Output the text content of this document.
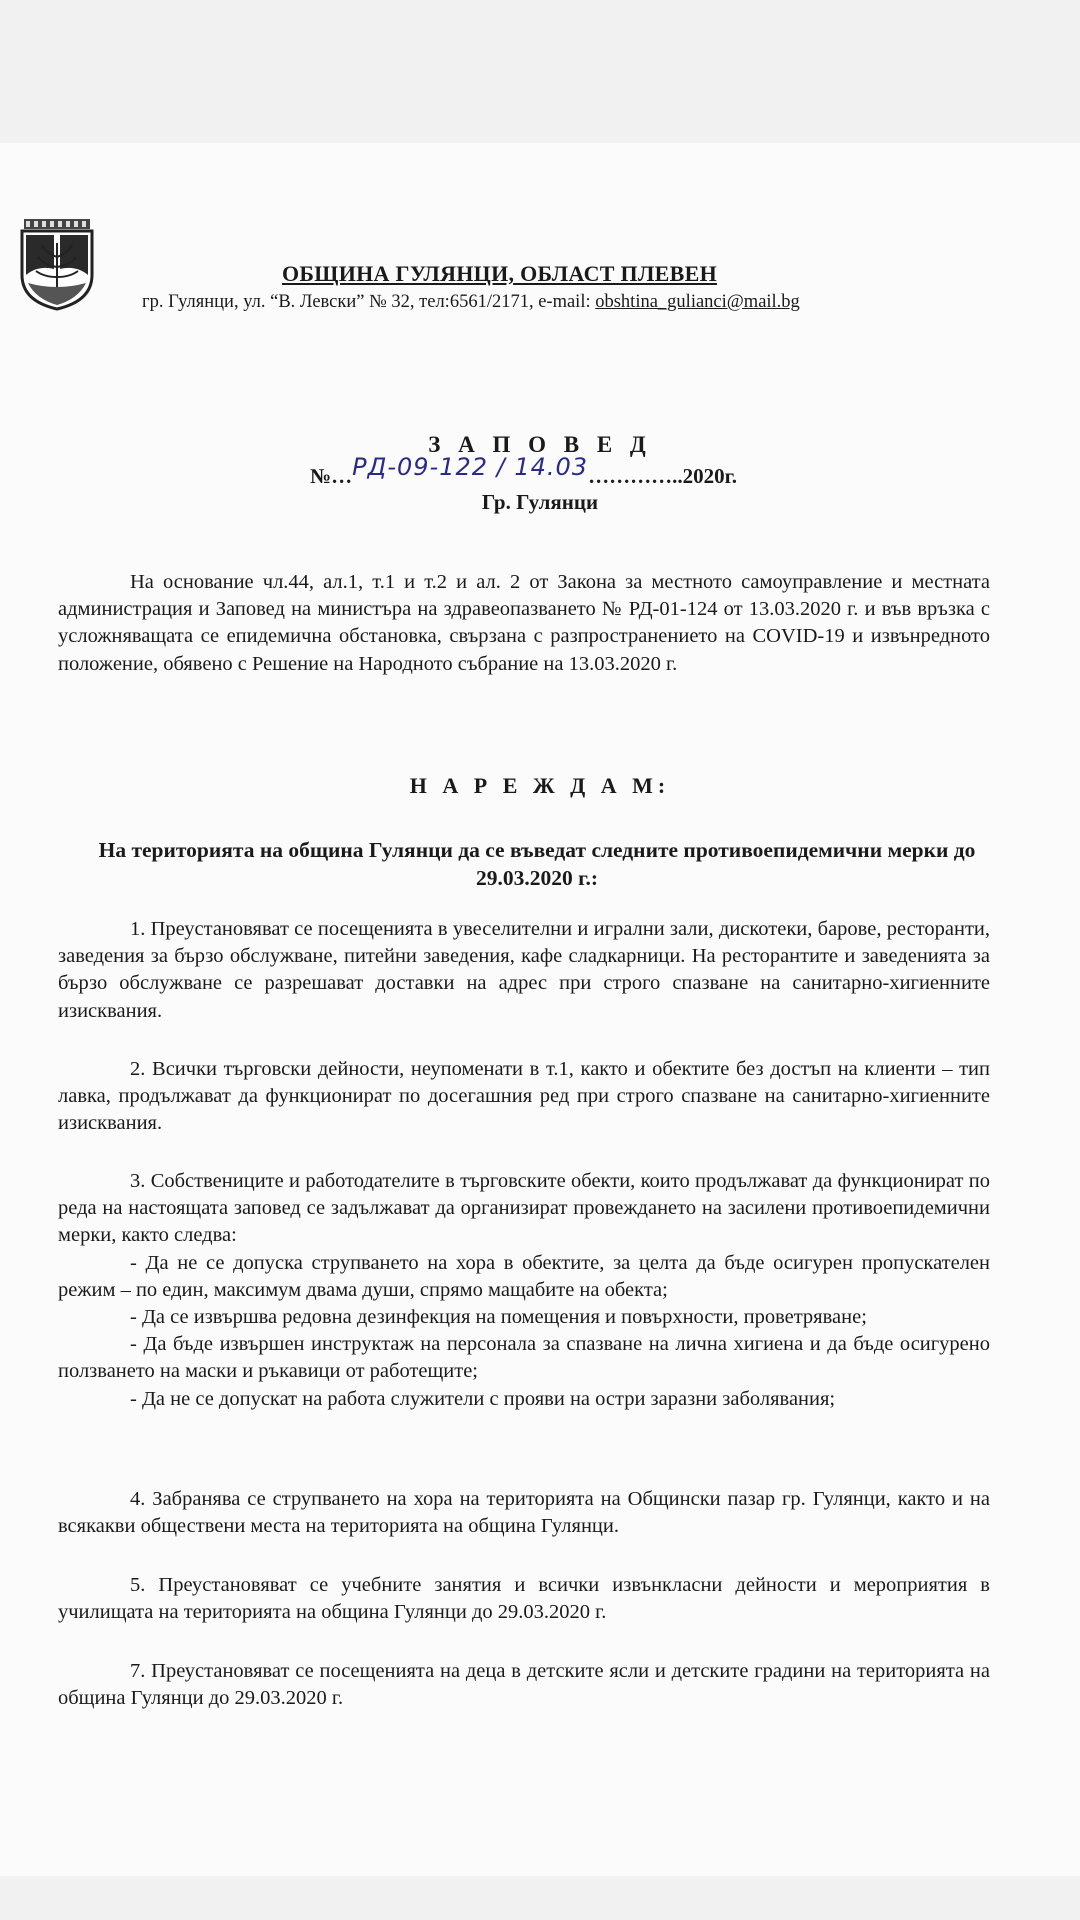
ОБЩИНА ГУЛЯНЦИ, ОБЛАСТ ПЛЕВЕН
гр. Гулянци, ул. “В. Левски” № 32, тел:6561/2171, e-mail: obshtina_gulianci@mail.bg
З А П О В Е Д
№…РД-09-122 / 14.03…………..2020г.
Гр. Гулянци

На основание чл.44, ал.1, т.1 и т.2 и ал. 2 от Закона за местното самоуправление и местната администрация и Заповед на министъра на здравеопазването № РД-01-124 от 13.03.2020 г. и във връзка с усложняващата се епидемична обстановка, свързана с разпространението на COVID-19 и извънредното положение, обявено с Решение на Народното събрание на 13.03.2020 г.

Н А Р Е Ж Д А М:
На територията на община Гулянци да се въведат следните противоепидемични мерки до 29.03.2020 г.:

1. Преустановяват се посещенията в увеселителни и игрални зали, дискотеки, барове, ресторанти, заведения за бързо обслужване, питейни заведения, кафе сладкарници. На ресторантите и заведенията за бързо обслужване се разрешават доставки на адрес при строго спазване на санитарно-хигиенните изисквания.

2. Всички търговски дейности, неупоменати в т.1, както и обектите без достъп на клиенти – тип лавка, продължават да функционират по досегашния ред при строго спазване на санитарно-хигиенните изисквания.

3. Собствениците и работодателите в търговските обекти, които продължават да функционират по реда на настоящата заповед се задължават да организират провеждането на засилени противоепидемични мерки, както следва:

- Да не се допуска струпването на хора в обектите, за целта да бъде осигурен пропускателен режим – по един, максимум двама души, спрямо мащабите на обекта;

- Да се извършва редовна дезинфекция на помещения и повърхности, проветряване;

- Да бъде извършен инструктаж на персонала за спазване на лична хигиена и да бъде осигурено ползването на маски и ръкавици от работещите;

- Да не се допускат на работа служители с прояви на остри заразни заболявания;

4. Забранява се струпването на хора на територията на Общински пазар гр. Гулянци, както и на всякакви обществени места на територията на община Гулянци.

5. Преустановяват се учебните занятия и всички извънкласни дейности и мероприятия в училищата на територията на община Гулянци до 29.03.2020 г.

7. Преустановяват се посещенията на деца в детските ясли и детските градини на територията на община Гулянци до 29.03.2020 г.
